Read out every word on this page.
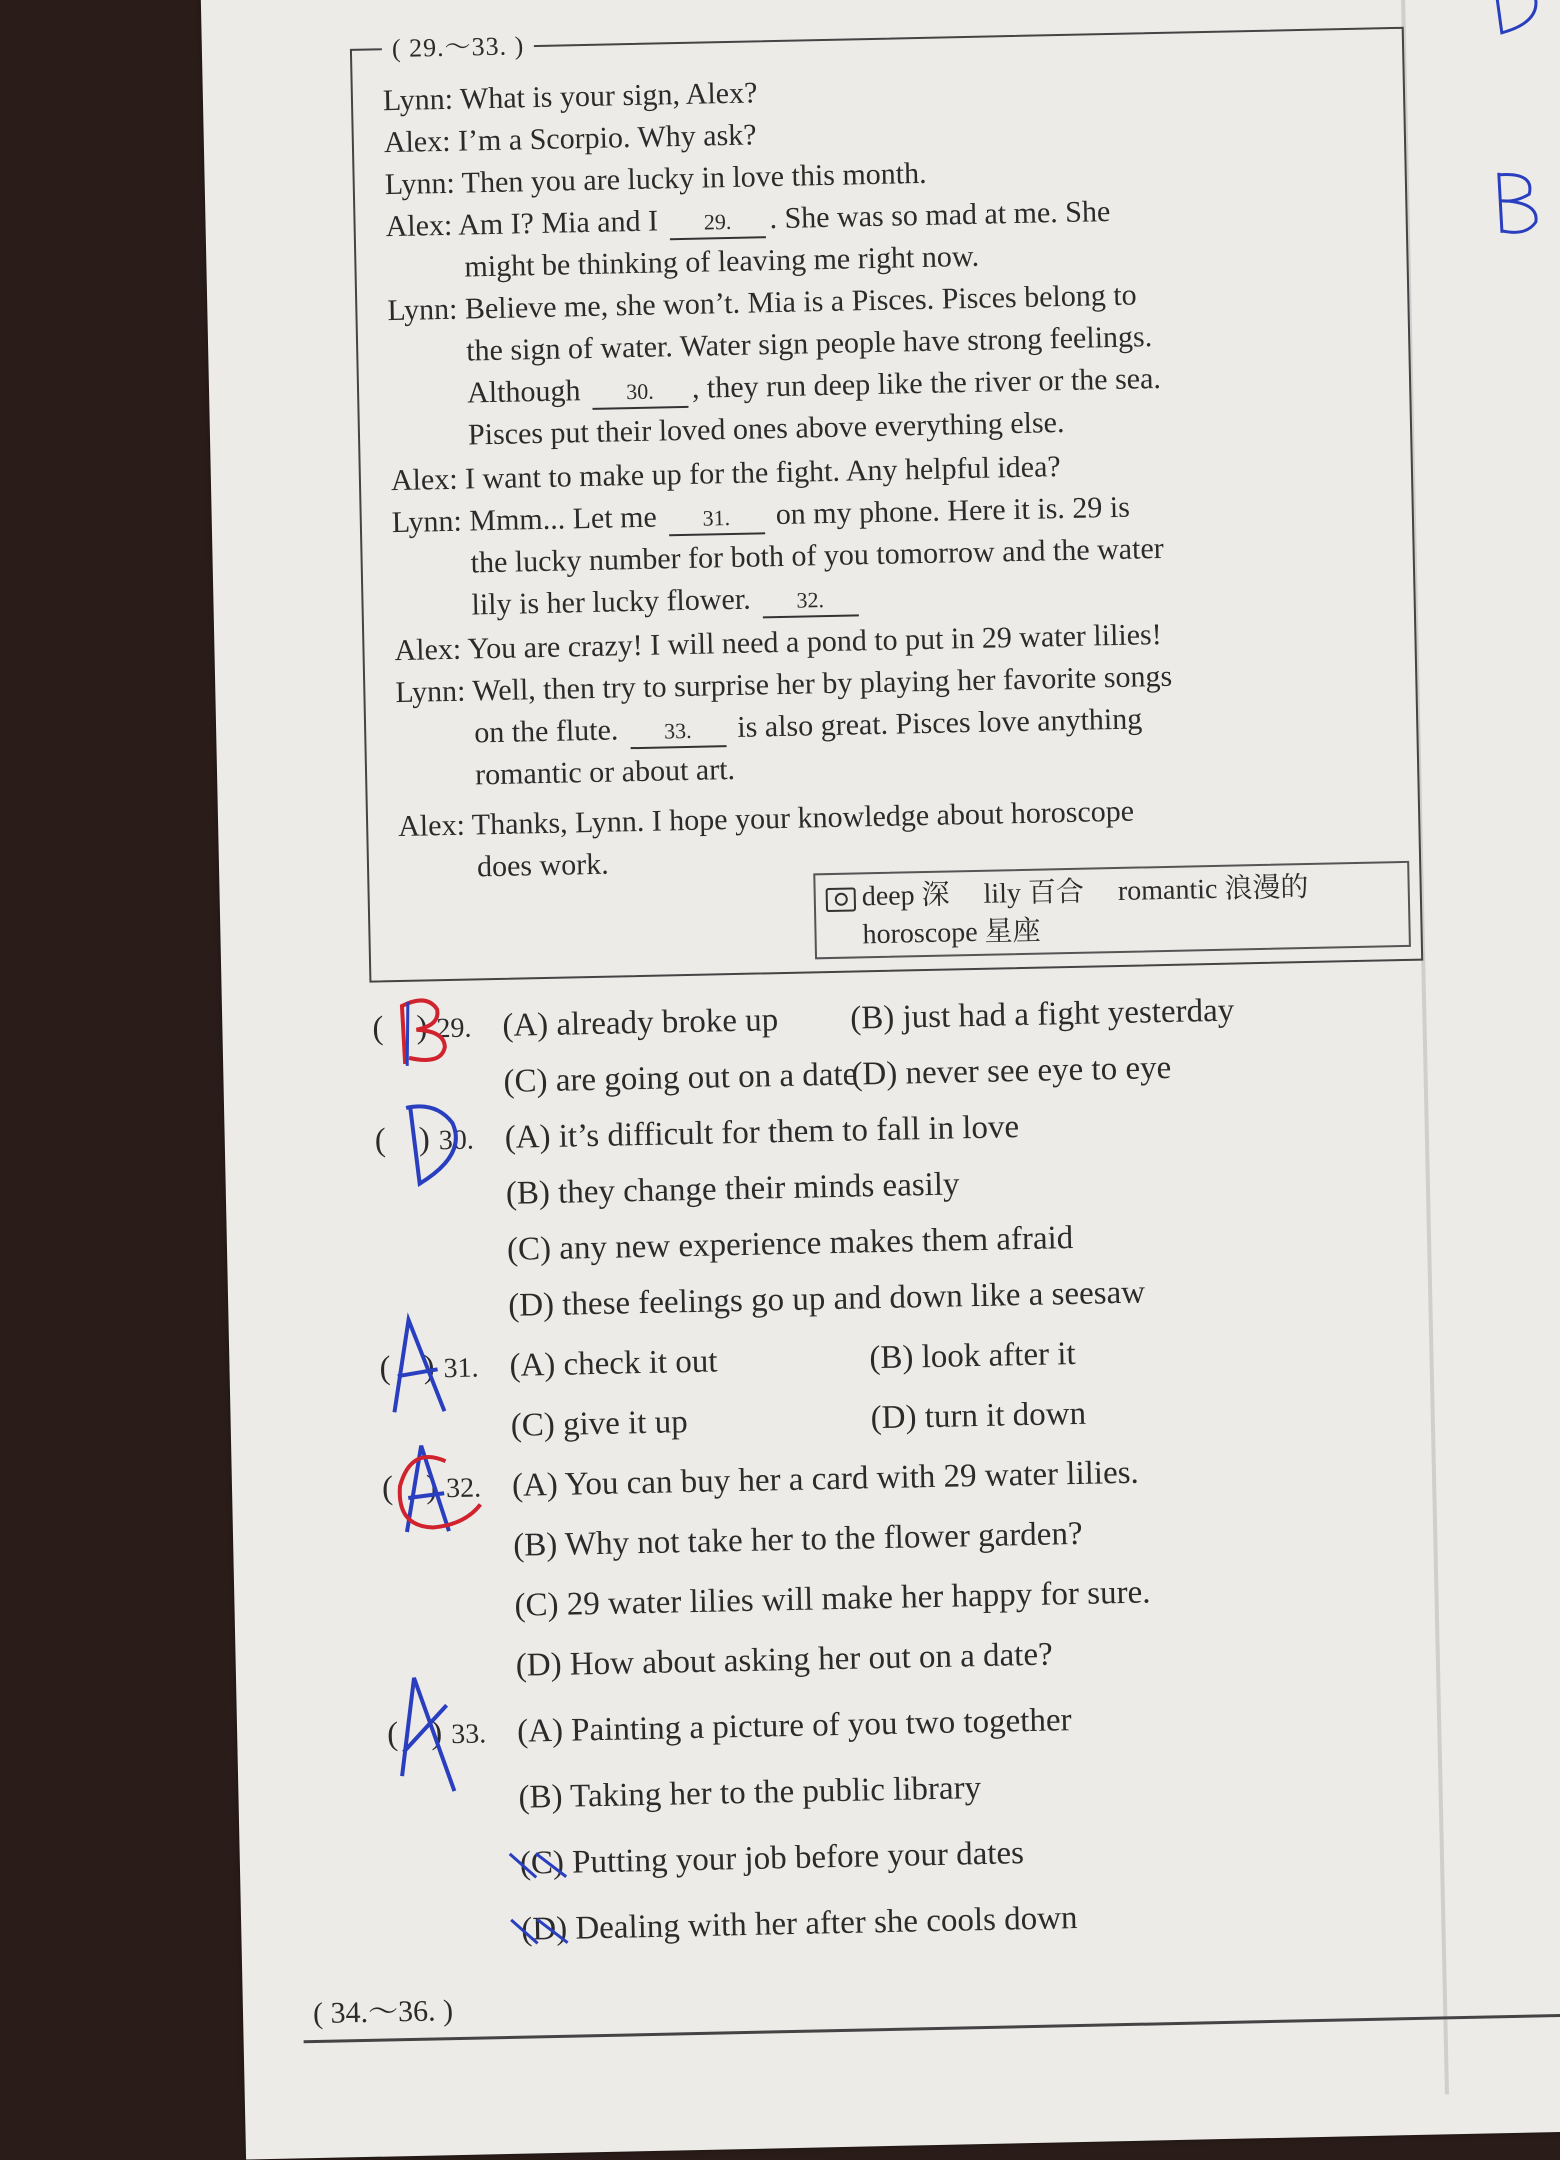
( 29.～33. )
Lynn: What is your sign, Alex?
Alex: I’m a Scorpio. Why ask?
Lynn: Then you are lucky in love this month.
Alex: Am I? Mia and I 29. . She was so mad at me. She
might be thinking of leaving me right now.
Lynn: Believe me, she won’t. Mia is a Pisces. Pisces belong to
the sign of water. Water sign people have strong feelings.
Although 30. , they run deep like the river or the sea.
Pisces put their loved ones above everything else.
Alex: I want to make up for the fight. Any helpful idea?
Lynn: Mmm... Let me 31. on my phone. Here it is. 29 is
the lucky number for both of you tomorrow and the water
lily is her lucky flower. 32.
Alex: You are crazy! I will need a pond to put in 29 water lilies!
Lynn: Well, then try to surprise her by playing her favorite songs
on the flute. 33. is also great. Pisces love anything
romantic or about art.
Alex: Thanks, Lynn. I hope your knowledge about horoscope
does work.
deep 深 lily 百合 romantic 浪漫的
horoscope 星座
(    ) 29. (A) already broke up (B) just had a fight yesterday
(C) are going out on a date
(D) never see eye to eye
(    ) 30. (A) it’s difficult for them to fall in love
(B) they change their minds easily
(C) any new experience makes them afraid
(D) these feelings go up and down like a seesaw
(    ) 31. (A) check it out	(B) look after it
(C) give it up	(D) turn it down
(    ) 32. (A) You can buy her a card with 29 water lilies.
(B) Why not take her to the flower garden?
(C) 29 water lilies will make her happy for sure.
(D) How about asking her out on a date?
(    ) 33. (A) Painting a picture of you two together
(B) Taking her to the public library
(C) Putting your job before your dates
(D) Dealing with her after she cools down
( 34.～36. )
